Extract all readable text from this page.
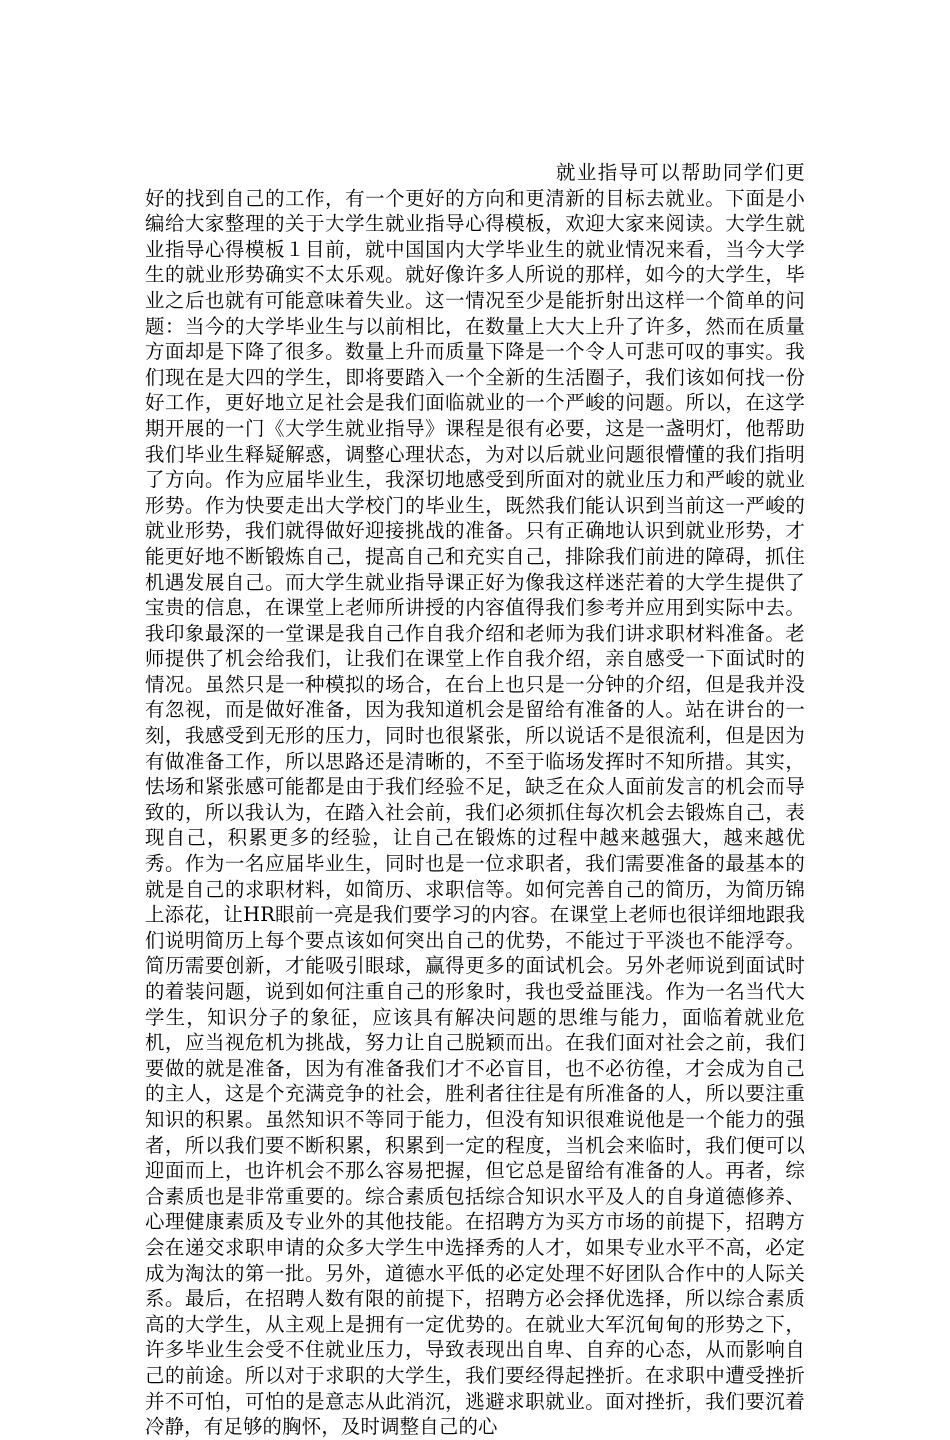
就业指导可以帮助同学们更好的找到自己的工作，有一个更好的方向和更清新的目标去就业。下面是小编给大家整理的关于大学生就业指导心得模板，欢迎大家来阅读。大学生就业指导心得模板１目前，就中国国内大学毕业生的就业情况来看，当今大学生的就业形势确实不太乐观。就好像许多人所说的那样，如今的大学生，毕业之后也就有可能意味着失业。这一情况至少是能折射出这样一个简单的问题：当今的大学毕业生与以前相比，在数量上大大上升了许多，然而在质量方面却是下降了很多。数量上升而质量下降是一个令人可悲可叹的事实。我们现在是大四的学生，即将要踏入一个全新的生活圈子，我们该如何找一份好工作，更好地立足社会是我们面临就业的一个严峻的问题。所以，在这学期开展的一门《大学生就业指导》课程是很有必要，这是一盏明灯，他帮助我们毕业生释疑解惑，调整心理状态，为对以后就业问题很懵懂的我们指明了方向。作为应届毕业生，我深切地感受到所面对的就业压力和严峻的就业形势。作为快要走出大学校门的毕业生，既然我们能认识到当前这一严峻的就业形势，我们就得做好迎接挑战的准备。只有正确地认识到就业形势，才能更好地不断锻炼自己，提高自己和充实自己，排除我们前进的障碍，抓住机遇发展自己。而大学生就业指导课正好为像我这样迷茫着的大学生提供了宝贵的信息，在课堂上老师所讲授的内容值得我们参考并应用到实际中去。我印象最深的一堂课是我自己作自我介绍和老师为我们讲求职材料准备。老师提供了机会给我们，让我们在课堂上作自我介绍，亲自感受一下面试时的情况。虽然只是一种模拟的场合，在台上也只是一分钟的介绍，但是我并没有忽视，而是做好准备，因为我知道机会是留给有准备的人。站在讲台的一刻，我感受到无形的压力，同时也很紧张，所以说话不是很流利，但是因为有做准备工作，所以思路还是清晰的，不至于临场发挥时不知所措。其实，怯场和紧张感可能都是由于我们经验不足，缺乏在众人面前发言的机会而导致的，所以我认为，在踏入社会前，我们必须抓住每次机会去锻炼自己，表现自己，积累更多的经验，让自己在锻炼的过程中越来越强大，越来越优秀。作为一名应届毕业生，同时也是一位求职者，我们需要准备的最基本的就是自己的求职材料，如简历、求职信等。如何完善自己的简历，为简历锦上添花，让HR眼前一亮是我们要学习的内容。在课堂上老师也很详细地跟我们说明简历上每个要点该如何突出自己的优势，不能过于平淡也不能浮夸。简历需要创新，才能吸引眼球，赢得更多的面试机会。另外老师说到面试时的着装问题，说到如何注重自己的形象时，我也受益匪浅。作为一名当代大学生，知识分子的象征，应该具有解决问题的思维与能力，面临着就业危机，应当视危机为挑战，努力让自己脱颖而出。在我们面对社会之前，我们要做的就是准备，因为有准备我们才不必盲目，也不必彷徨，才会成为自己的主人，这是个充满竞争的社会，胜利者往往是有所准备的人，所以要注重知识的积累。虽然知识不等同于能力，但没有知识很难说他是一个能力的强者，所以我们要不断积累，积累到一定的程度，当机会来临时，我们便可以迎面而上，也许机会不那么容易把握，但它总是留给有准备的人。再者，综合素质也是非常重要的。综合素质包括综合知识水平及人的自身道德修养、心理健康素质及专业外的其他技能。在招聘方为买方市场的前提下，招聘方会在递交求职申请的众多大学生中选择秀的人才，如果专业水平不高，必定成为淘汰的第一批。另外，道德水平低的必定处理不好团队合作中的人际关系。最后，在招聘人数有限的前提下，招聘方必会择优选择，所以综合素质高的大学生，从主观上是拥有一定优势的。在就业大军沉甸甸的形势之下，许多毕业生会受不住就业压力，导致表现出自卑、自弃的心态，从而影响自己的前途。所以对于求职的大学生，我们要经得起挫折。在求职中遭受挫折并不可怕，可怕的是意志从此消沉，逃避求职就业。面对挫折，我们要沉着冷静，有足够的胸怀，及时调整自己的心
